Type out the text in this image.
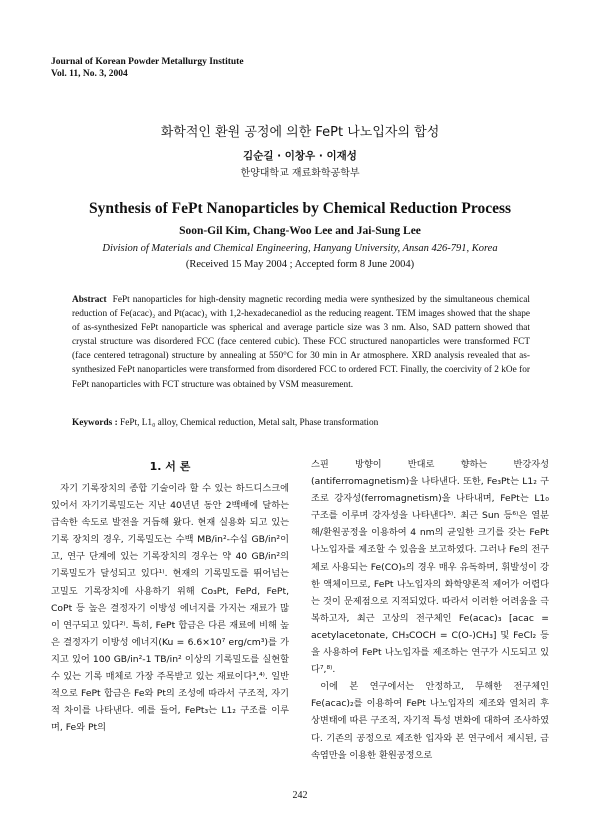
Journal of Korean Powder Metallurgy Institute
Vol. 11, No. 3, 2004
화학적인 환원 공정에 의한 FePt 나노입자의 합성
김순길 · 이창우 · 이재성
한양대학교 재료화학공학부
Synthesis of FePt Nanoparticles by Chemical Reduction Process
Soon-Gil Kim, Chang-Woo Lee and Jai-Sung Lee
Division of Materials and Chemical Engineering, Hanyang University, Ansan 426-791, Korea
(Received 15 May 2004 ; Accepted form 8 June 2004)
Abstract FePt nanoparticles for high-density magnetic recording media were synthesized by the simultaneous chemical reduction of Fe(acac)₂ and Pt(acac)₂ with 1,2-hexadecanediol as the reducing reagent. TEM images showed that the shape of as-synthesized FePt nanoparticle was spherical and average particle size was 3 nm. Also, SAD pattern showed that crystal structure was disordered FCC (face centered cubic). These FCC structured nanoparticles were transformed FCT (face centered tetragonal) structure by annealing at 550°C for 30 min in Ar atmosphere. XRD analysis revealed that as-synthesized FePt nanoparticles were transformed from disordered FCC to ordered FCT. Finally, the coercivity of 2 kOe for FePt nanoparticles with FCT structure was obtained by VSM measurement.
Keywords : FePt, L1₀ alloy, Chemical reduction, Metal salt, Phase transformation
1. 서 론

자기 기록장치의 종합 기술이라 할 수 있는 하드디스크에 있어서 자기기록밀도는 지난 40년년 동안 2백배에 달하는 급속한 속도로 발전을 거듭해 왔다. 현재 실용화 되고 있는 기록 장치의 경우, 기록밀도는 수백 MB/in²-수십 GB/in²이고, 연구 단계에 있는 기록장치의 경우는 약 40 GB/in²의 기록밀도가 달성되고 있다¹⁾. 현재의 기록밀도를 뛰어넘는 고밀도 기록장치에 사용하기 위해 Co₃Pt, FePd, FePt, CoPt 등 높은 결정자기 이방성 에너지를 가지는 재료가 많이 연구되고 있다²⁾. 특히, FePt 합금은 다른 재료에 비해 높은 결정자기 이방성 에너지(Ku = 6.6×10⁷ erg/cm³)를 가지고 있어 100 GB/in²-1 TB/in² 이상의 기록밀도를 실현할 수 있는 기록 매체로 가장 주목받고 있는 재료이다³,⁴⁾. 일반적으로 FePt 합금은 Fe와 Pt의 조성에 따라서 구조적, 자기적 차이를 나타낸다. 예를 들어, FePt₃는 L1₂ 구조를 이루며, Fe와 Pt의

스핀 방향이 반대로 향하는 반강자성(antiferromagnetism)을 나타낸다. 또한, Fe₃Pt는 L1₂ 구조로 강자성(ferromagnetism)을 나타내며, FePt는 L1₀ 구조를 이루며 강자성을 나타낸다⁵⁾. 최근 Sun 등⁶⁾은 열분해/환원공정을 이용하여 4 nm의 균일한 크기를 갖는 FePt 나노입자를 제조할 수 있음을 보고하였다. 그러나 Fe의 전구체로 사용되는 Fe(CO)₅의 경우 매우 유독하며, 휘발성이 강한 액체이므로, FePt 나노입자의 화학양론적 제어가 어렵다는 것이 문제점으로 지적되었다. 따라서 이러한 어려움을 극복하고자, 최근 고상의 전구체인 Fe(acac)₃ [acac = acetylacetonate, CH₃COCH = C(O-)CH₃] 및 FeCl₂ 등을 사용하여 FePt 나노입자를 제조하는 연구가 시도되고 있다⁷,⁸⁾.

이에 본 연구에서는 안정하고, 무해한 전구체인 Fe(acac)₂를 이용하여 FePt 나노입자의 제조와 열처리 후 상변태에 따른 구조적, 자기적 특성 변화에 대하여 조사하였다. 기존의 공정으로 제조한 입자와 본 연구에서 제시된, 금속염만을 이용한 환원공정으로

242
